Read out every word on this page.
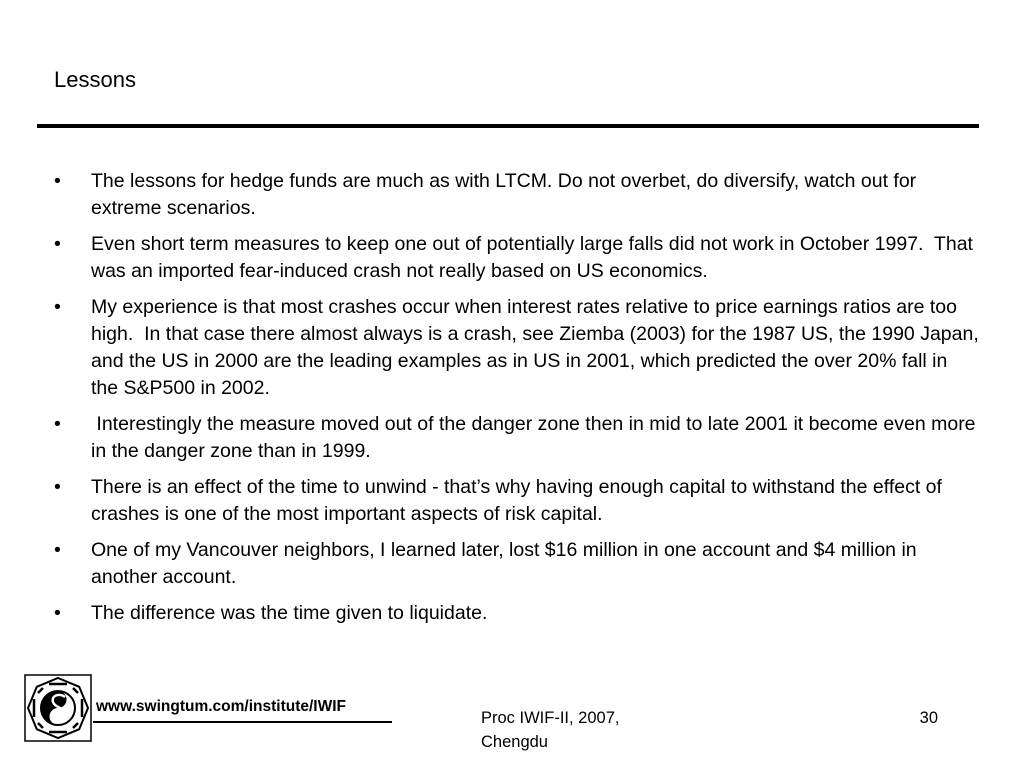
Lessons
•	The lessons for hedge funds are much as with LTCM. Do not overbet, do diversify, watch out for extreme scenarios.
•	Even short term measures to keep one out of potentially large falls did not work in October 1997.  That was an imported fear-induced crash not really based on US economics.
•	My experience is that most crashes occur when interest rates relative to price earnings ratios are too high.  In that case there almost always is a crash, see Ziemba (2003) for the 1987 US, the 1990 Japan, and the US in 2000 are the leading examples as in US in 2001, which predicted the over 20% fall in the S&P500 in 2002.
•	Interestingly the measure moved out of the danger zone then in mid to late 2001 it become even more in the danger zone than in 1999.
•	There is an effect of the time to unwind - that’s why having enough capital to withstand the effect of crashes is one of the most important aspects of risk capital.
•	One of my Vancouver neighbors, I learned later, lost $16 million in one account and $4 million in another account.
•	The difference was the time given to liquidate.
www.swingtum.com/institute/IWIF
Proc IWIF-II, 2007,
Chengdu
30
